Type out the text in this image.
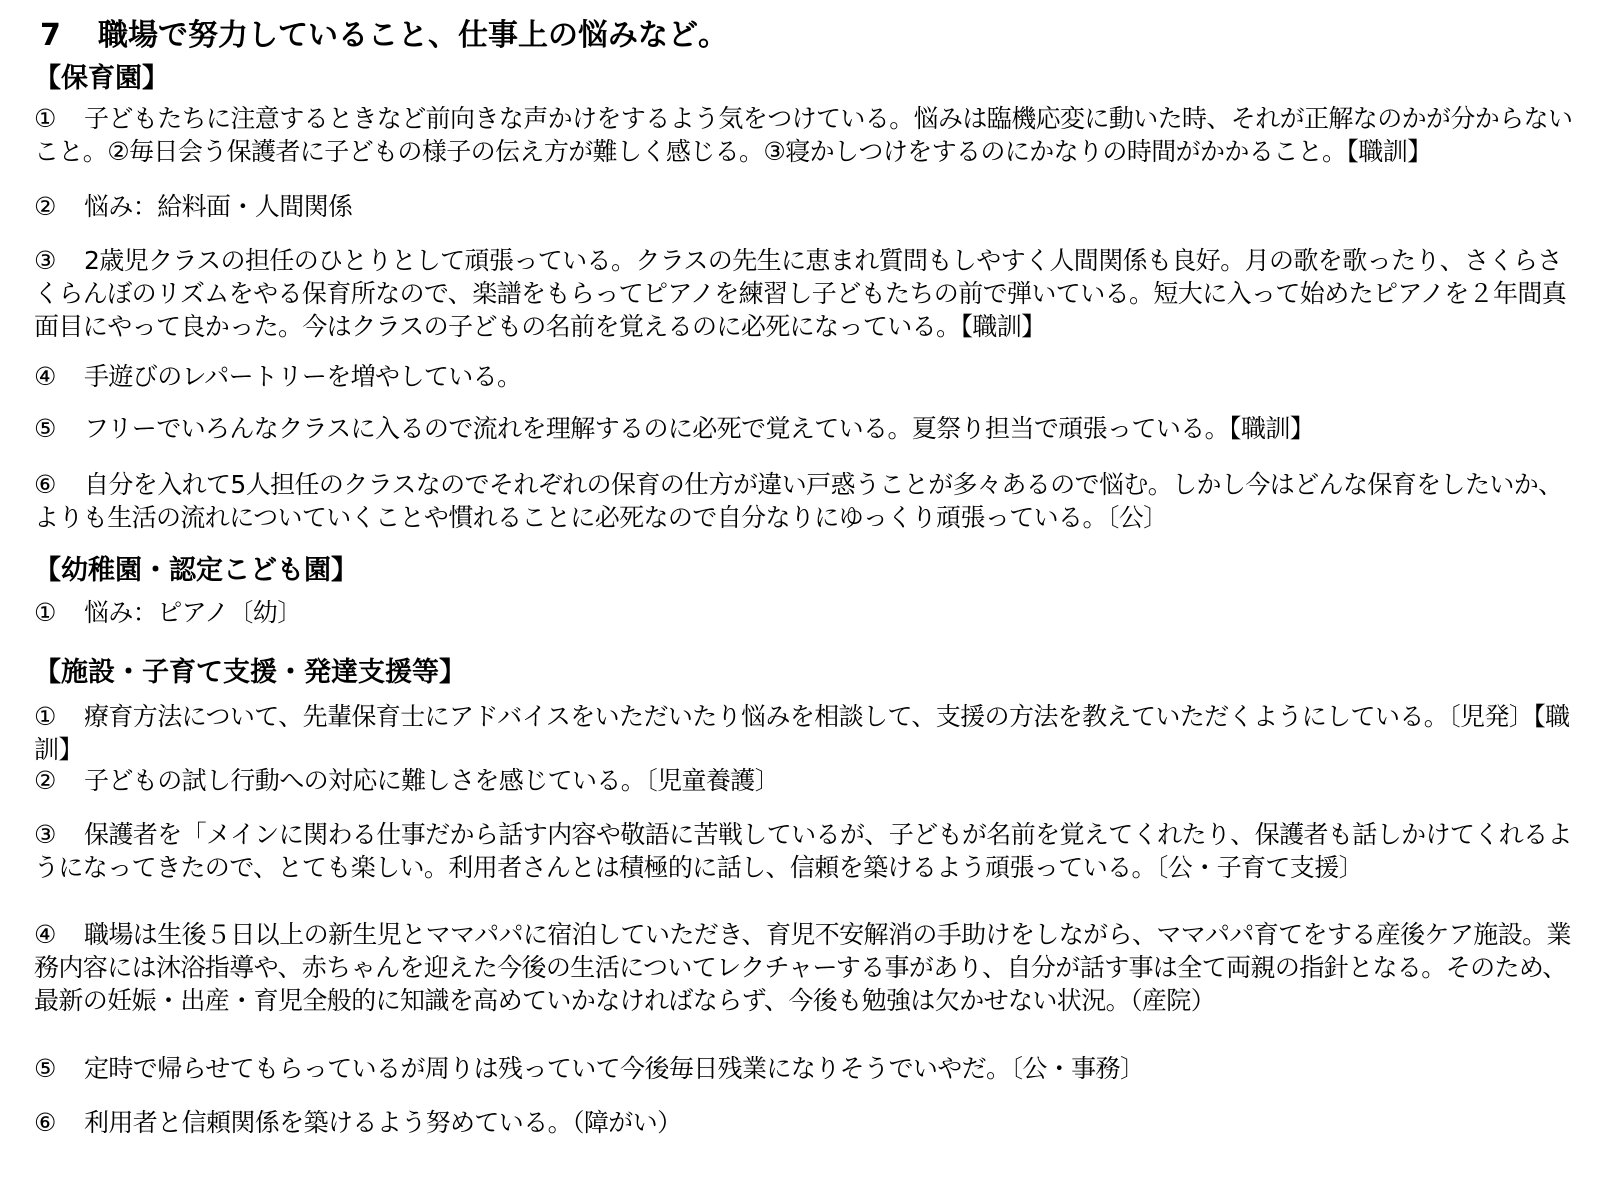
7 職場で努力していること、仕事上の悩みなど。
【保育園】
① 子どもたちに注意するときなど前向きな声かけをするよう気をつけている。悩みは臨機応変に動いた時、それが正解なのかが分からないこと。②毎日会う保護者に子どもの様子の伝え方が難しく感じる。③寝かしつけをするのにかなりの時間がかかること。【職訓】
② 悩み：給料面・人間関係
③ 2歳児クラスの担任のひとりとして頑張っている。クラスの先生に恵まれ質問もしやすく人間関係も良好。月の歌を歌ったり、さくらさくらんぼのリズムをやる保育所なので、楽譜をもらってピアノを練習し子どもたちの前で弾いている。短大に入って始めたピアノを２年間真面目にやって良かった。今はクラスの子どもの名前を覚えるのに必死になっている。【職訓】
④ 手遊びのレパートリーを増やしている。
⑤ フリーでいろんなクラスに入るので流れを理解するのに必死で覚えている。夏祭り担当で頑張っている。【職訓】
⑥ 自分を入れて5人担任のクラスなのでそれぞれの保育の仕方が違い戸惑うことが多々あるので悩む。しかし今はどんな保育をしたいか、よりも生活の流れについていくことや慣れることに必死なので自分なりにゆっくり頑張っている。〔公〕
【幼稚園・認定こども園】
① 悩み：ピアノ〔幼〕
【施設・子育て支援・発達支援等】
① 療育方法について、先輩保育士にアドバイスをいただいたり悩みを相談して、支援の方法を教えていただくようにしている。〔児発〕【職訓】
② 子どもの試し行動への対応に難しさを感じている。〔児童養護〕
③ 保護者を「メインに関わる仕事だから話す内容や敬語に苦戦しているが、子どもが名前を覚えてくれたり、保護者も話しかけてくれるようになってきたので、とても楽しい。利用者さんとは積極的に話し、信頼を築けるよう頑張っている。〔公・子育て支援〕
④ 職場は生後５日以上の新生児とママパパに宿泊していただき、育児不安解消の手助けをしながら、ママパパ育てをする産後ケア施設。業務内容には沐浴指導や、赤ちゃんを迎えた今後の生活についてレクチャーする事があり、自分が話す事は全て両親の指針となる。そのため、最新の妊娠・出産・育児全般的に知識を高めていかなければならず、今後も勉強は欠かせない状況。（産院）
⑤ 定時で帰らせてもらっているが周りは残っていて今後毎日残業になりそうでいやだ。〔公・事務〕
⑥ 利用者と信頼関係を築けるよう努めている。（障がい）
